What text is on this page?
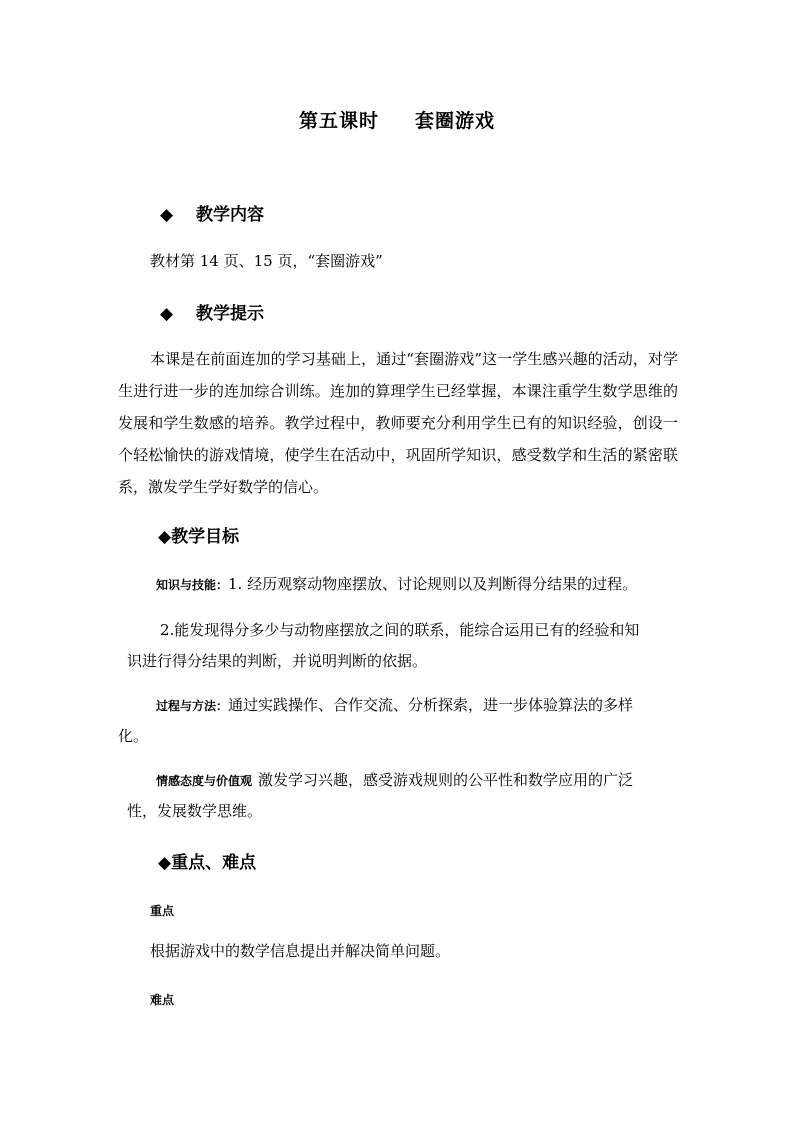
第五课时 套圈游戏
◆ 教学内容
教材第 14 页、15 页，“套圈游戏”
◆ 教学提示
本课是在前面连加的学习基础上，通过“套圈游戏”这一学生感兴趣的活动，对学生进行进一步的连加综合训练。连加的算理学生已经掌握，本课注重学生数学思维的发展和学生数感的培养。教学过程中，教师要充分利用学生已有的知识经验，创设一个轻松愉快的游戏情境，使学生在活动中，巩固所学知识，感受数学和生活的紧密联系，激发学生学好数学的信心。
◆教学目标
知识与技能：1. 经历观察动物座摆放、讨论规则以及判断得分结果的过程。
2.能发现得分多少与动物座摆放之间的联系，能综合运用已有的经验和知
识进行得分结果的判断，并说明判断的依据。
过程与方法：通过实践操作、合作交流、分析探索，进一步体验算法的多样
化。
情感态度与价值观 激发学习兴趣，感受游戏规则的公平性和数学应用的广泛
性，发展数学思维。
◆重点、难点
重点
根据游戏中的数学信息提出并解决简单问题。
难点
